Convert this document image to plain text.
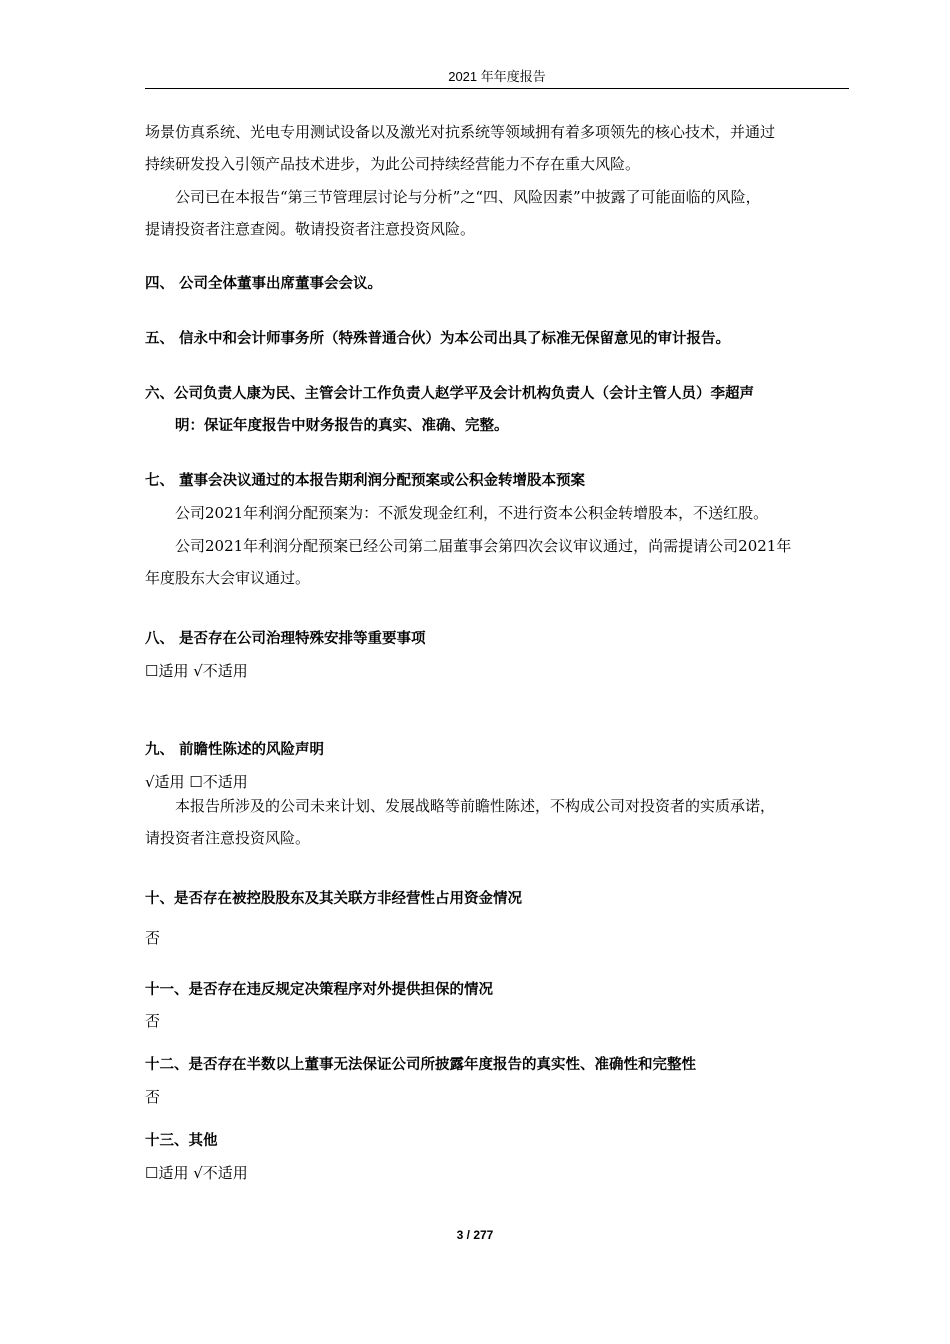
2021 年年度报告

场景仿真系统、光电专用测试设备以及激光对抗系统等领域拥有着多项领先的核心技术，并通过

持续研发投入引领产品技术进步，为此公司持续经营能力不存在重大风险。

公司已在本报告“第三节管理层讨论与分析”之“四、风险因素”中披露了可能面临的风险，

提请投资者注意查阅。敬请投资者注意投资风险。

四、 公司全体董事出席董事会会议。

五、 信永中和会计师事务所（特殊普通合伙）为本公司出具了标准无保留意见的审计报告。

六、公司负责人康为民、主管会计工作负责人赵学平及会计机构负责人（会计主管人员）李超声

明：保证年度报告中财务报告的真实、准确、完整。

七、 董事会决议通过的本报告期利润分配预案或公积金转增股本预案

公司2021年利润分配预案为：不派发现金红利，不进行资本公积金转增股本，不送红股。

公司2021年利润分配预案已经公司第二届董事会第四次会议审议通过，尚需提请公司2021年

年度股东大会审议通过。

八、 是否存在公司治理特殊安排等重要事项

☐适用 √不适用

九、 前瞻性陈述的风险声明

√适用 ☐不适用

本报告所涉及的公司未来计划、发展战略等前瞻性陈述，不构成公司对投资者的实质承诺，

请投资者注意投资风险。

十、是否存在被控股股东及其关联方非经营性占用资金情况

否

十一、是否存在违反规定决策程序对外提供担保的情况

否

十二、是否存在半数以上董事无法保证公司所披露年度报告的真实性、准确性和完整性

否

十三、其他

☐适用 √不适用

3 / 277
